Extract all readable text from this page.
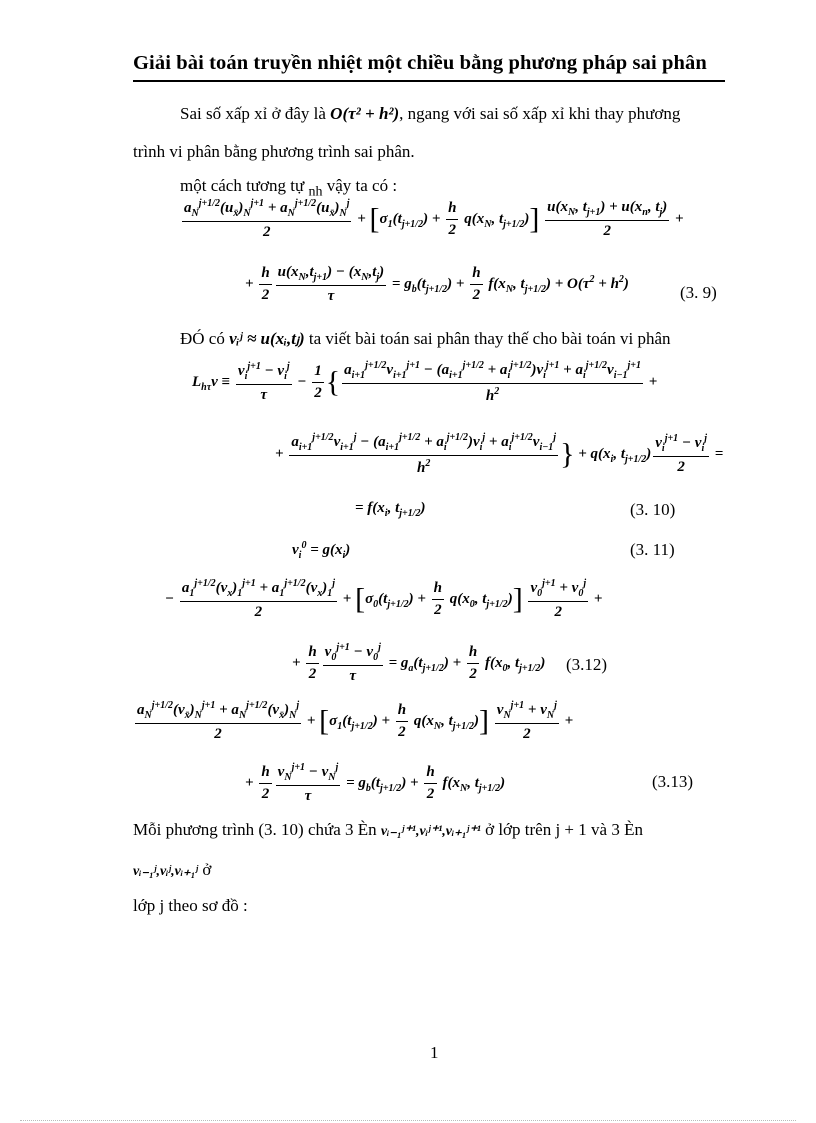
Giải bài toán truyền nhiệt một chiều bằng phương pháp sai phân
Sai số xấp xỉ ở đây là O(τ² + h²), ngang với sai số xấp xỉ khi thay phương
trình vi phân bằng phương trình sai phân.
một cách tương tự $_{nh}$ vậy ta có :
$\frac{a_N^{j+1/2}(u_{x̄})_N^{j+1} + a_N^{j+1/2}(u_{x̄})_N^j}{2} + [\sigma_1(t_{j+1/2}) + \frac{h}{2} q(x_N$, $t_{j+1/2})] \frac{u(x_N, t_{j+1}) + u(x_n, t_j)}{2}$ +
+ $\frac{h}{2} \frac{u(x_N,t_{j+1}) - (x_N,t_j)}{\tau} = g_b(t_{j+1/2}) + \frac{h}{2} f(x_N$, $t_{j+1/2}) + O(\tau^2 + h^2)$	(3. 9)
ĐÓ có vᵢʲ ≈ u(xᵢ,tⱼ) ta viết bài toán sai phân thay thế cho bài toán vi phân
$L_{h\tau}v \equiv \frac{v_i^{j+1} - v_i^j}{\tau} - \frac{1}{2}$ { $a_{i+1}^{j+1/2}v_{i+1}^{j+1} - (a_{i+1}^{j+1/2} + a_i^{j+1/2})v_i^{j+1} + a_i^{j+1/2}v_{i-1}^{j+1}$
$h^2$
+
+ $\frac{a_{i+1}^{j+1/2}v_{i+1}^j - (a_{i+1}^{j+1/2} + a_i^{j+1/2})v_i^j + a_i^{j+1/2}v_{i-1}^j}{h^2}$ } + $q(x_i$, $t_{j+1/2}) \frac{v_i^{j+1} - v_i^j}{2}$ =
= $f(x_i$, $t_{j+1/2}$)	(3. 10)
$v_i^0 = g(x_i)$	(3. 11)
− $\frac{a_1^{j+1/2}(v_x)_1^{j+1} + a_1^{j+1/2}(v_x)_1^j}{2} + [\sigma_0(t_{j+1/2}) + \frac{h}{2} q(x_0$, $t_{j+1/2})] \frac{v_0^{j+1} + v_0^j}{2}$ +
+ $\frac{h}{2} \frac{v_0^{j+1} - v_0^j}{\tau} = g_a(t_{j+1/2}) + \frac{h}{2} f(x_0$, $t_{j+1/2}$) (3.12)
$\frac{a_N^{j+1/2}(v_{x̄})_N^{j+1} + a_N^{j+1/2}(v_{x̄})_N^j}{2} + [\sigma_1(t_{j+1/2}) + \frac{h}{2} q(x_N$, $t_{j+1/2})] \frac{v_N^{j+1} + v_N^j}{2}$ +
+ $\frac{h}{2} \frac{v_N^{j+1} - v_N^j}{\tau} = g_b(t_{j+1/2}) + \frac{h}{2} f(x_N$, $t_{j+1/2}$)	(3.13)
Mỗi phương trình (3. 10) chứa 3 Èn vᵢ₋₁ʲ⁺¹,vᵢʲ⁺¹,vᵢ₊₁ʲ⁺¹ ở lớp trên j + 1 và 3 Èn
vᵢ₋₁ʲ,vᵢʲ,vᵢ₊₁ʲ ở
lớp j theo sơ đồ :
1
